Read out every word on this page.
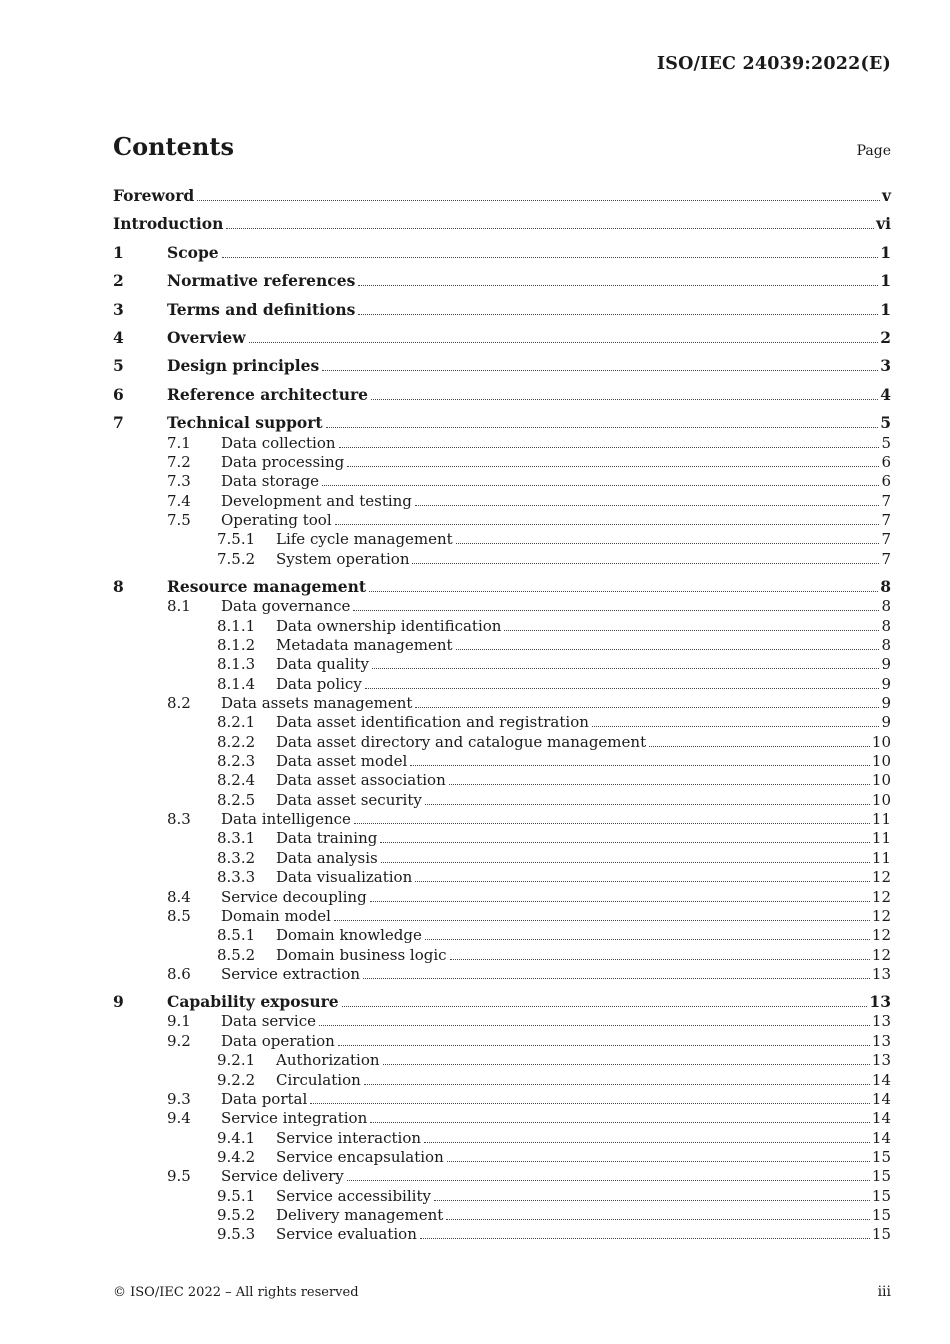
ISO/IEC 24039:2022(E)
Contents	Page
Foreword	v
Introduction	vi
1	Scope	1
2	Normative references	1
3	Terms and definitions	1
4	Overview	2
5	Design principles	3
6	Reference architecture	4
7	Technical support	5
7.1	Data collection	5
7.2	Data processing	6
7.3	Data storage	6
7.4	Development and testing	7
7.5	Operating tool	7
7.5.1	Life cycle management	7
7.5.2	System operation	7
8	Resource management	8
8.1	Data governance	8
8.1.1	Data ownership identification	8
8.1.2	Metadata management	8
8.1.3	Data quality	9
8.1.4	Data policy	9
8.2	Data assets management	9
8.2.1	Data asset identification and registration	9
8.2.2	Data asset directory and catalogue management	10
8.2.3	Data asset model	10
8.2.4	Data asset association	10
8.2.5	Data asset security	10
8.3	Data intelligence	11
8.3.1	Data training	11
8.3.2	Data analysis	11
8.3.3	Data visualization	12
8.4	Service decoupling	12
8.5	Domain model	12
8.5.1	Domain knowledge	12
8.5.2	Domain business logic	12
8.6	Service extraction	13
9	Capability exposure	13
9.1	Data service	13
9.2	Data operation	13
9.2.1	Authorization	13
9.2.2	Circulation	14
9.3	Data portal	14
9.4	Service integration	14
9.4.1	Service interaction	14
9.4.2	Service encapsulation	15
9.5	Service delivery	15
9.5.1	Service accessibility	15
9.5.2	Delivery management	15
9.5.3	Service evaluation	15
© ISO/IEC 2022 – All rights reserved	iii
